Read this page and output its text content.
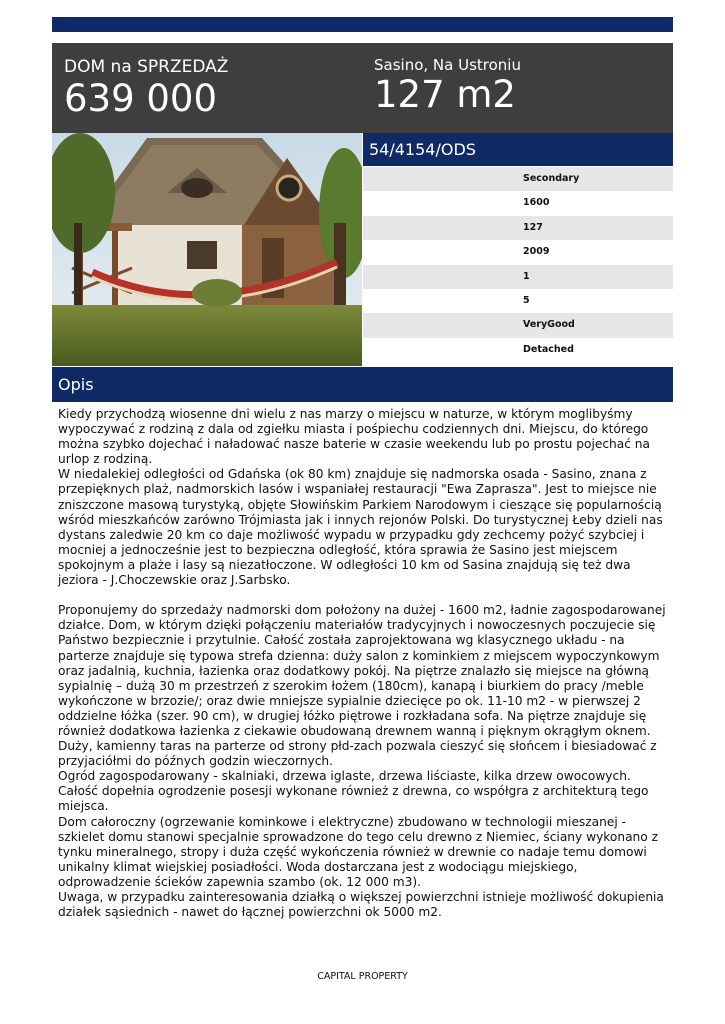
DOM na SPRZEDAŻ
639 000
Sasino, Na Ustroniu
127 m2
54/4154/ODS
Secondary
1600
127
2009
1
5
VeryGood
Detached
Opis
Kiedy przychodzą wiosenne dni wielu z nas marzy o miejscu w naturze, w którym moglibyśmy wypoczywać z rodziną z dala od zgiełku miasta i pośpiechu codziennych dni. Miejscu, do którego można szybko dojechać i naładować nasze baterie w czasie weekendu lub po prostu pojechać na urlop z rodziną.
W niedalekiej odległości od Gdańska (ok 80 km) znajduje się nadmorska osada - Sasino, znana z przepięknych plaż, nadmorskich lasów i wspaniałej restauracji "Ewa Zaprasza". Jest to miejsce nie zniszczone masową turystyką, objęte Słowińskim Parkiem Narodowym i cieszące się popularnością wśród mieszkańców zarówno Trójmiasta jak i innych rejonów Polski. Do turystycznej Łeby dzieli nas dystans zaledwie 20 km co daje możliwość wypadu w przypadku gdy zechcemy pożyć szybciej i mocniej a jednocześnie jest to bezpieczna odległość, która sprawia że Sasino jest miejscem spokojnym a plaże i lasy są niezatłoczone. W odległości 10 km od Sasina znajdują się też dwa jeziora - J.Choczewskie oraz J.Sarbsko.

Proponujemy do sprzedaży nadmorski dom położony na dużej - 1600 m2, ładnie zagospodarowanej działce. Dom, w którym dzięki połączeniu materiałów tradycyjnych i nowoczesnych poczujecie się Państwo bezpiecznie i przytulnie. Całość została zaprojektowana wg klasycznego układu - na parterze znajduje się typowa strefa dzienna: duży salon z kominkiem z miejscem wypoczynkowym oraz jadalnią, kuchnia, łazienka oraz dodatkowy pokój. Na piętrze znalazło się miejsce na główną sypialnię – dużą 30 m przestrzeń z szerokim łożem (180cm), kanapą i biurkiem do pracy /meble wykończone w brzozie/; oraz dwie mniejsze sypialnie dziecięce po ok. 11-10 m2 - w pierwszej 2 oddzielne łóżka (szer. 90 cm), w drugiej łóżko piętrowe i rozkładana sofa. Na piętrze znajduje się również dodatkowa łazienka z ciekawie obudowaną drewnem wanną i pięknym okrągłym oknem. Duży, kamienny taras na parterze od strony płd-zach pozwala cieszyć się słońcem i biesiadować z przyjaciółmi do późnych godzin wieczornych.
Ogród zagospodarowany - skalniaki, drzewa iglaste, drzewa liściaste, kilka drzew owocowych. Całość dopełnia ogrodzenie posesji wykonane również z drewna, co współgra z architekturą tego miejsca.
Dom całoroczny (ogrzewanie kominkowe i elektryczne) zbudowano w technologii mieszanej - szkielet domu stanowi specjalnie sprowadzone do tego celu drewno z Niemiec, ściany wykonano z tynku mineralnego, stropy i duża część wykończenia również w drewnie co nadaje temu domowi unikalny klimat wiejskiej posiadłości. Woda dostarczana jest z wodociągu miejskiego, odprowadzenie ścieków zapewnia szambo (ok. 12 000 m3).
Uwaga, w przypadku zainteresowania działką o większej powierzchni istnieje możliwość dokupienia działek sąsiednich - nawet do łącznej powierzchni ok 5000 m2.
CAPITAL PROPERTY
